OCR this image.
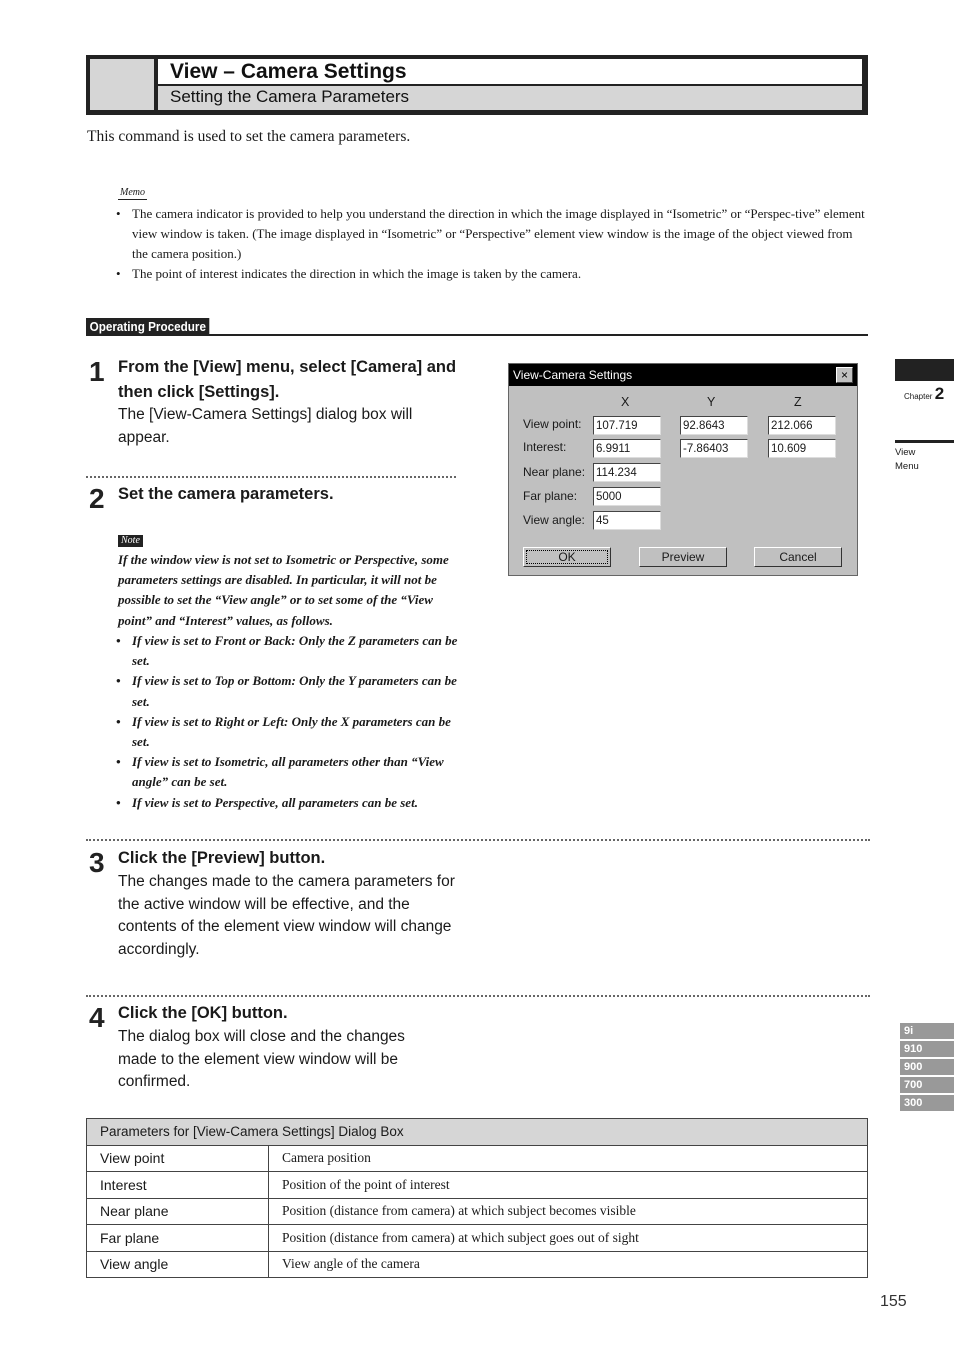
View – Camera Settings
Setting the Camera Parameters
This command is used to set the camera parameters.
Memo
• The camera indicator is provided to help you understand the direction in which the image displayed in “Isometric” or “Perspec-tive” element view window is taken. (The image displayed in “Isometric” or “Perspective” element view window is the image of the object viewed from the camera position.)
• The point of interest indicates the direction in which the image is taken by the camera.
Operating Procedure
1 From the [View] menu, select [Camera] and then click [Settings].
The [View-Camera Settings] dialog box will appear.
2 Set the camera parameters.
Note
If the window view is not set to Isometric or Perspective, some parameters settings are disabled. In particular, it will not be possible to set the “View angle” or to set some of the “View point” and “Interest” values, as follows.
• If view is set to Front or Back: Only the Z parameters can be set.
• If view is set to Top or Bottom: Only the Y parameters can be set.
• If view is set to Right or Left: Only the X parameters can be set.
• If view is set to Isometric, all parameters other than “View angle” can be set.
• If view is set to Perspective, all parameters can be set.
View-Camera Settings	×
X	Y	Z
View point: 107.719	92.8643	212.066
Interest:	6.9911	-7.86403	10.609
Near plane: 114.234
Far plane: 5000
View angle: 45
OK	Preview	Cancel
3 Click the [Preview] button.
The changes made to the camera parameters for the active window will be effective, and the contents of the element view window will change accordingly.
4 Click the [OK] button.
The dialog box will close and the changes made to the element view window will be confirmed.
Chapter 2
View
Menu
9i
910
900
700
300
Parameters for [View-Camera Settings] Dialog Box	
View point	Camera position
Interest	Position of the point of interest
Near plane	Position (distance from camera) at which subject becomes visible
Far plane	Position (distance from camera) at which subject goes out of sight
View angle	View angle of the camera
155
